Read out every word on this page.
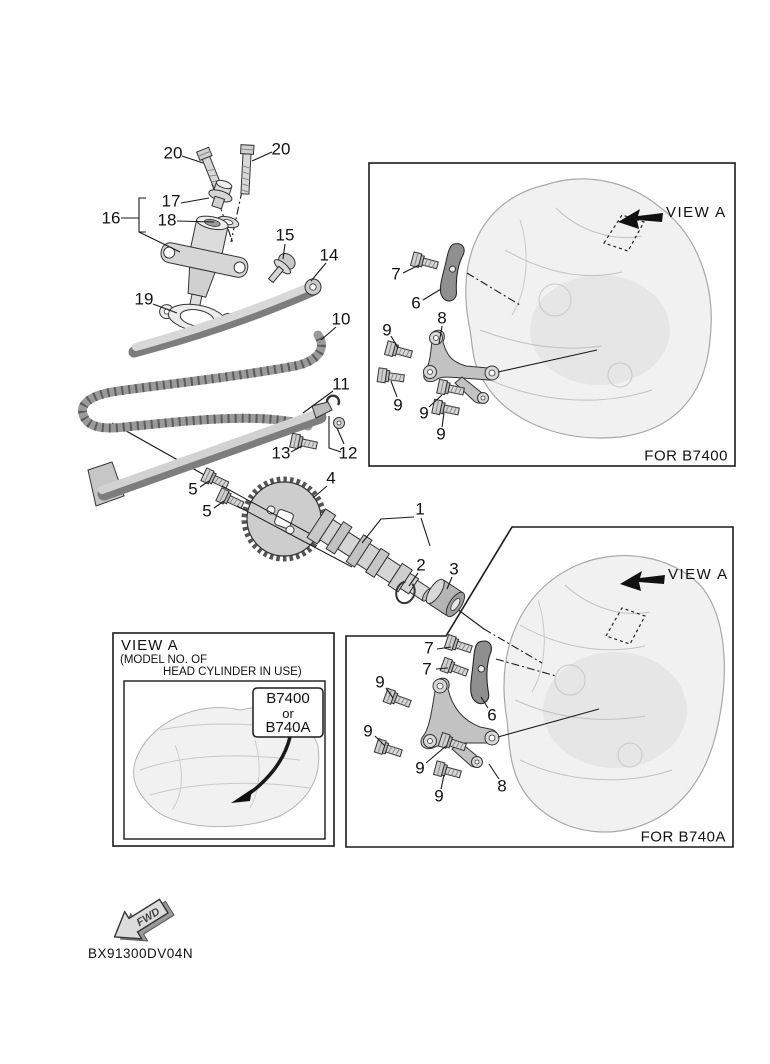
FWD
VIEW A
FOR B7400
VIEW A
FOR B740A
VIEW A
(MODEL NO. OF
HEAD CYLINDER IN USE)
B7400
or
B740A
BX91300DV04N
20	20
17
16 18
15
14
19
10
11
13	12
5
5
4
1
2 3
7
6
8
9
9 9
9
7
7
6
9
9
9
9
8
